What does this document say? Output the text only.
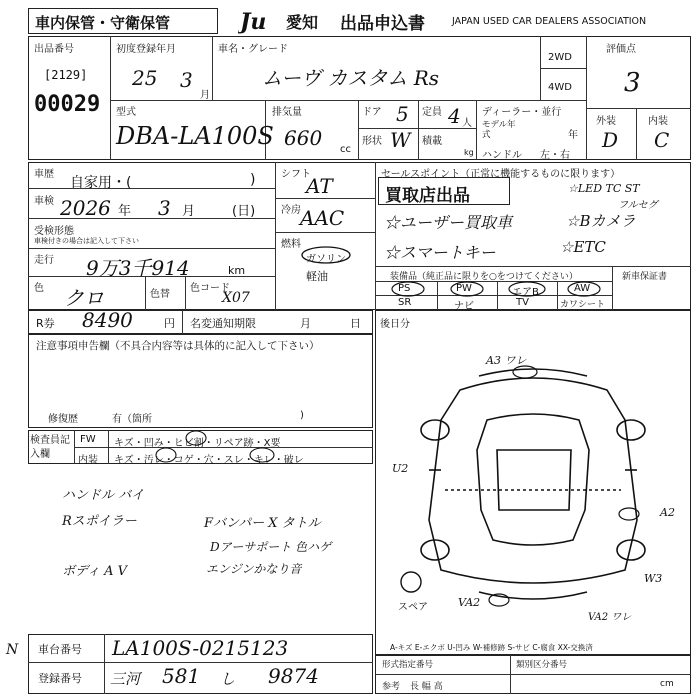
車内保管・守衛保管	Ju 愛知 出品申込書	JAPAN USED CAR DEALERS ASSOCIATION
出品番号
[2129]
00029
初度登録年月
25 3
月
車名・グレード
ムーヴ カスタム Rs
2WD
4WD
評価点
3
外装	内装
D C
型式
DBA-LA100S
排気量
660 cc
ドア 5
形状 W
定員 4 人
積載
kg
ディーラー・並行
モデル年式	年
ハンドル 左・右
車歴
自家用・(	)
車検 2026 年 3 月	(日)
受検形態
車検付きの場合は記入して下さい
走行 9万3千914	km
色 クロ	色替
色コード
X07
シフト
AT
冷房 AAC
燃料
ガソリン
軽油
セールスポイント（正常に機能するものに限ります）
買取店出品
☆ユーザー買取車	☆Bカメラ
☆スマートキー	☆ETC
☆LED TC ST
フルセグ
装備品（純正品に限りを○をつけてください）	新車保証書
PS	PW	エアB	AW
SR	ナビ	TV	カワシート
R券 8490	円 名変通知期限	月	日
注意事項申告欄（不具合内容等は具体的に記入して下さい）
修復歴	有（箇所	)
後日分
検査員記入欄
FW キズ・凹み・ヒビ割・リペア跡・X要
内装 キズ・汚レ・コゲ・穴・スレ・キレ・破レ
ハンドル バイ
Rスポイラー
ボディ A V
Fバンパー X タトル
Dアーサポート 色ハゲ
エンジンかなり音
A3 ワレ
U2
A2
W3
VA2
VA2 ワレ
スペア
A-キズ E-エクボ U-凹み W-補修跡 S-サビ C-腐食 XX-交換済
車台番号 LA100S-0215123
登録番号 三河 581 し 9874
N
形式指定番号	類別区分番号
参考 長 幅 高	cm
